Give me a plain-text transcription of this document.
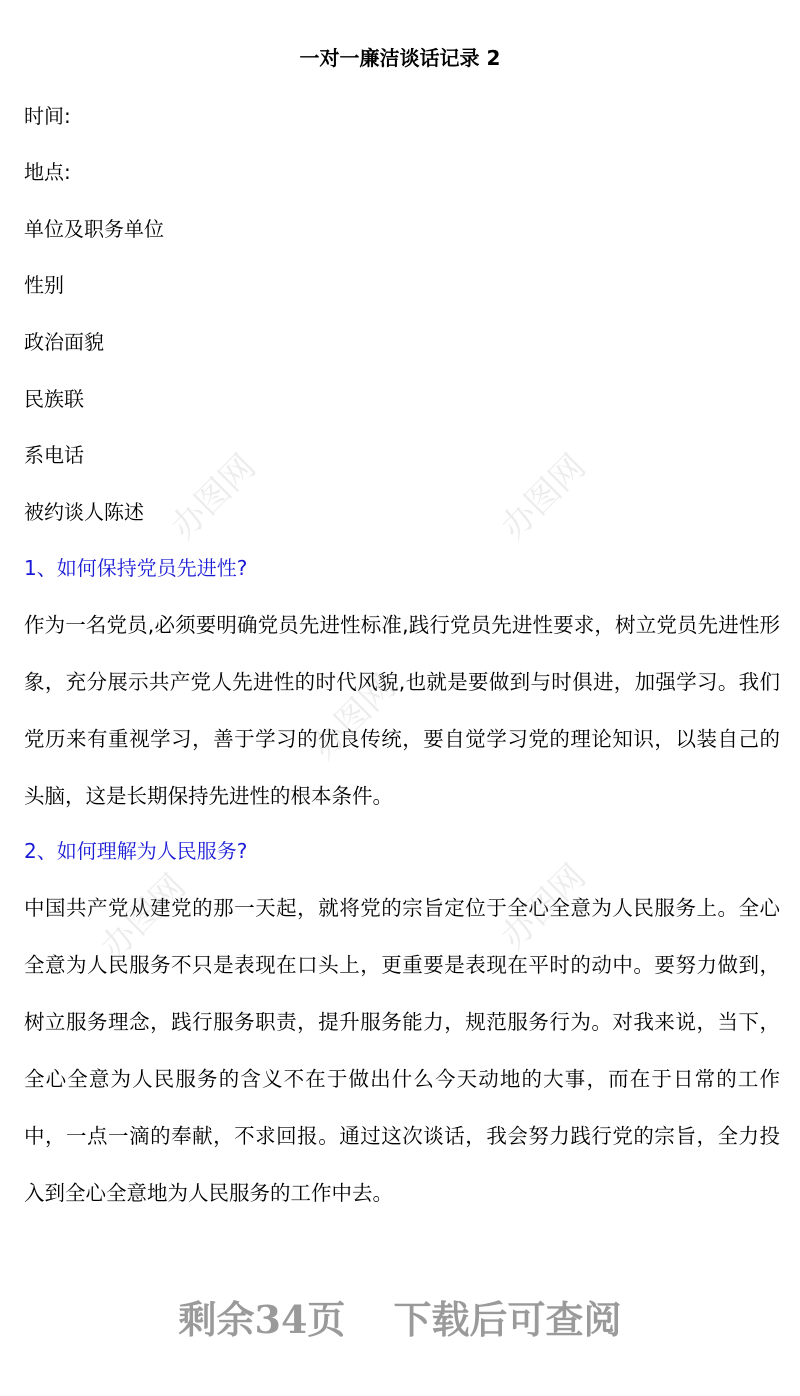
一对一廉洁谈话记录 2
时间:
地点:
单位及职务单位
性别
政治面貌
民族联
系电话
被约谈人陈述
1、如何保持党员先进性?
作为一名党员,必须要明确党员先进性标准,践行党员先进性要求，树立党员先进性形象，充分展示共产党人先进性的时代风貌,也就是要做到与时俱进，加强学习。我们党历来有重视学习，善于学习的优良传统，要自觉学习党的理论知识，以装自己的头脑，这是长期保持先进性的根本条件。
2、如何理解为人民服务?
中国共产党从建党的那一天起，就将党的宗旨定位于全心全意为人民服务上。全心全意为人民服务不只是表现在口头上，更重要是表现在平时的动中。要努力做到，树立服务理念，践行服务职责，提升服务能力，规范服务行为。对我来说，当下，全心全意为人民服务的含义不在于做出什么今天动地的大事，而在于日常的工作中，一点一滴的奉献，不求回报。通过这次谈话，我会努力践行党的宗旨，全力投入到全心全意地为人民服务的工作中去。
办图网	办图网
办图网
办图网	办图网
剩余34页 下载后可查阅
